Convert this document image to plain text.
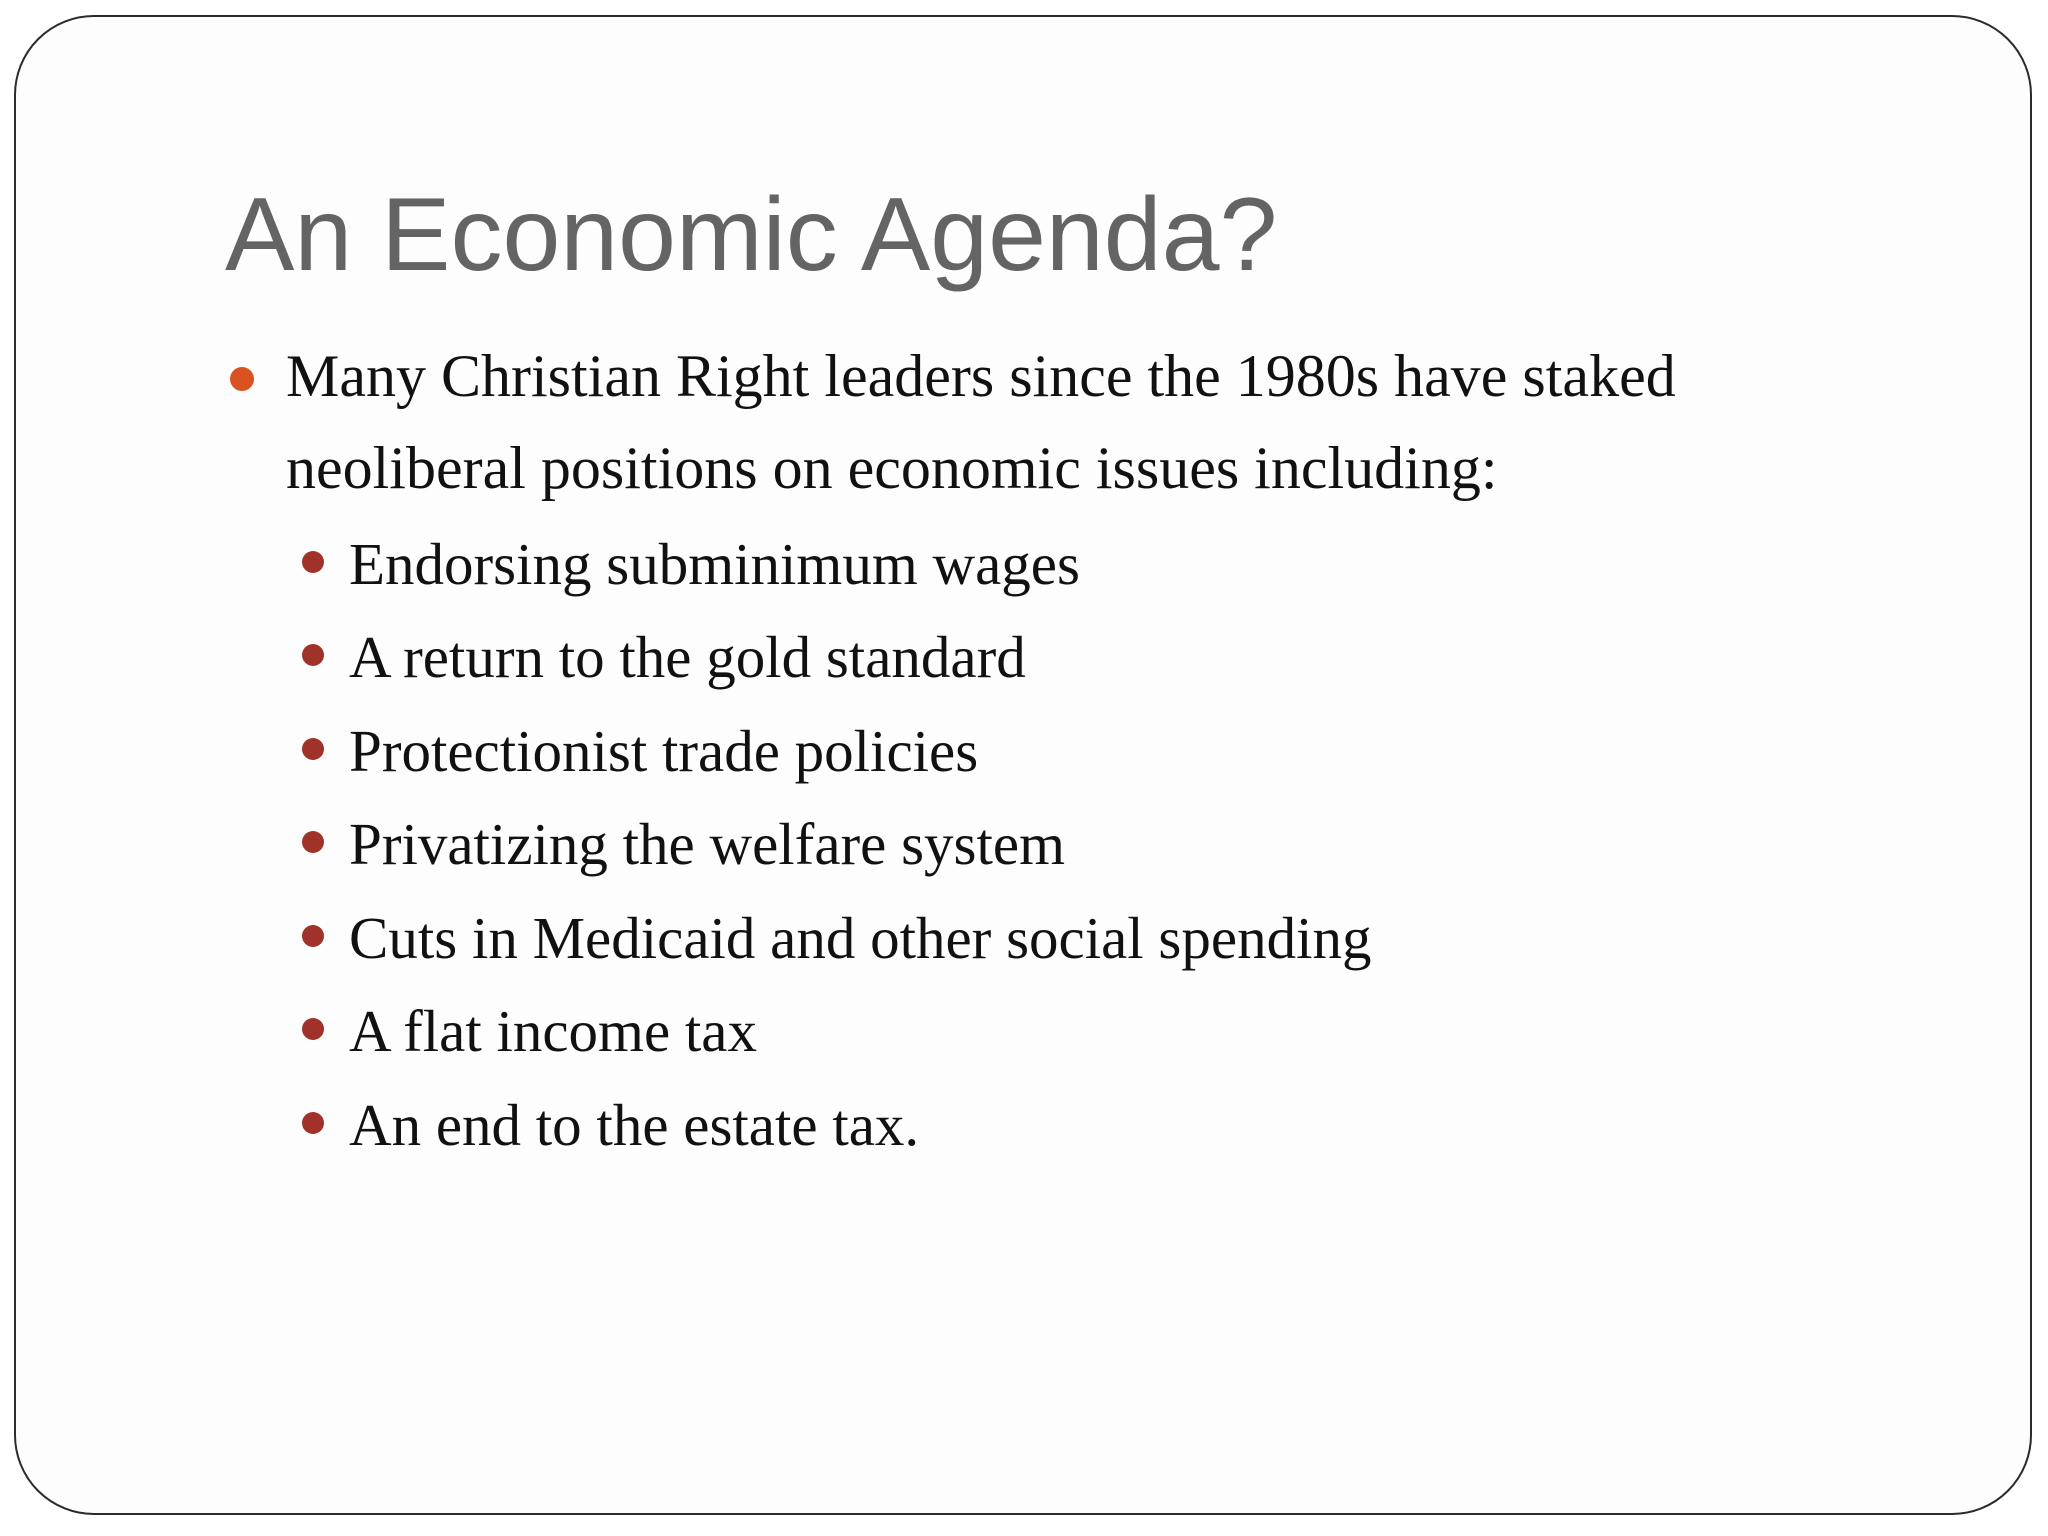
An Economic Agenda?

Many Christian Right leaders since the 1980s have staked neoliberal positions on economic issues including:

Endorsing subminimum wages

A return to the gold standard

Protectionist trade policies

Privatizing the welfare system

Cuts in Medicaid and other social spending

A flat income tax

An end to the estate tax.
